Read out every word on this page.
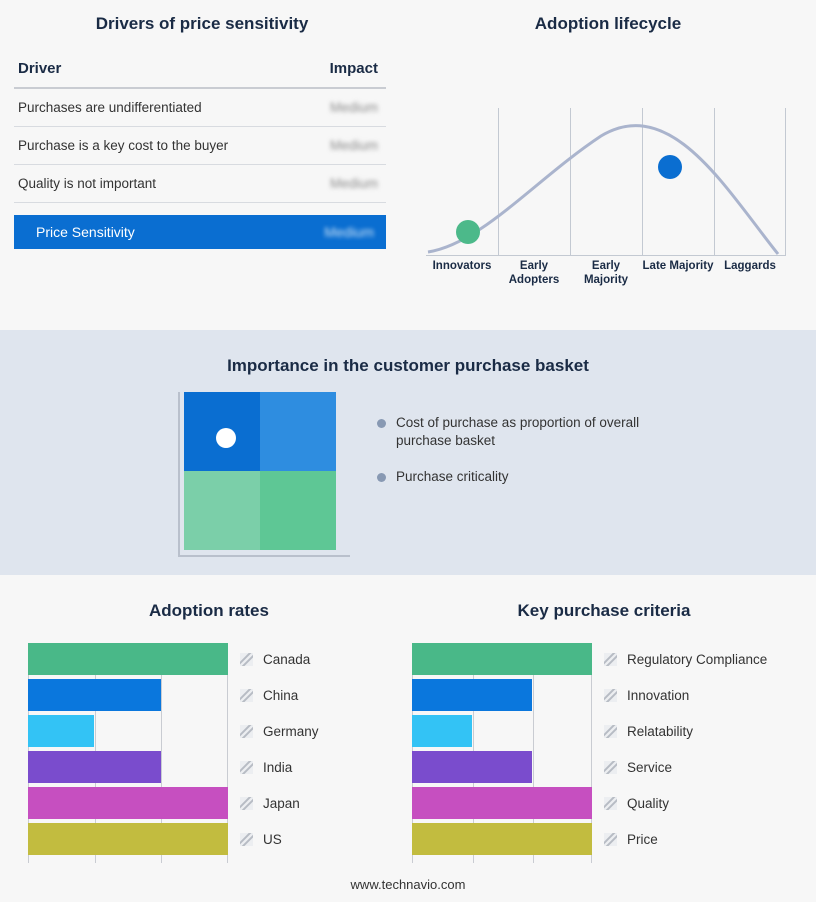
Drivers of price sensitivity
Driver	Impact
Purchases are undifferentiated	Medium
Purchase is a key cost to the buyer	Medium
Quality is not important	Medium
Price Sensitivity	Medium
Adoption lifecycle
Innovators	Early Adopters
Early Majority
Late Majority Laggards
Importance in the customer purchase basket
Cost of purchase as proportion of overall purchase basket
Purchase criticality
Adoption rates
Canada
China
Germany
India
Japan
US
Key purchase criteria
Regulatory Compliance
Innovation
Relatability
Service
Quality
Price
www.technavio.com
